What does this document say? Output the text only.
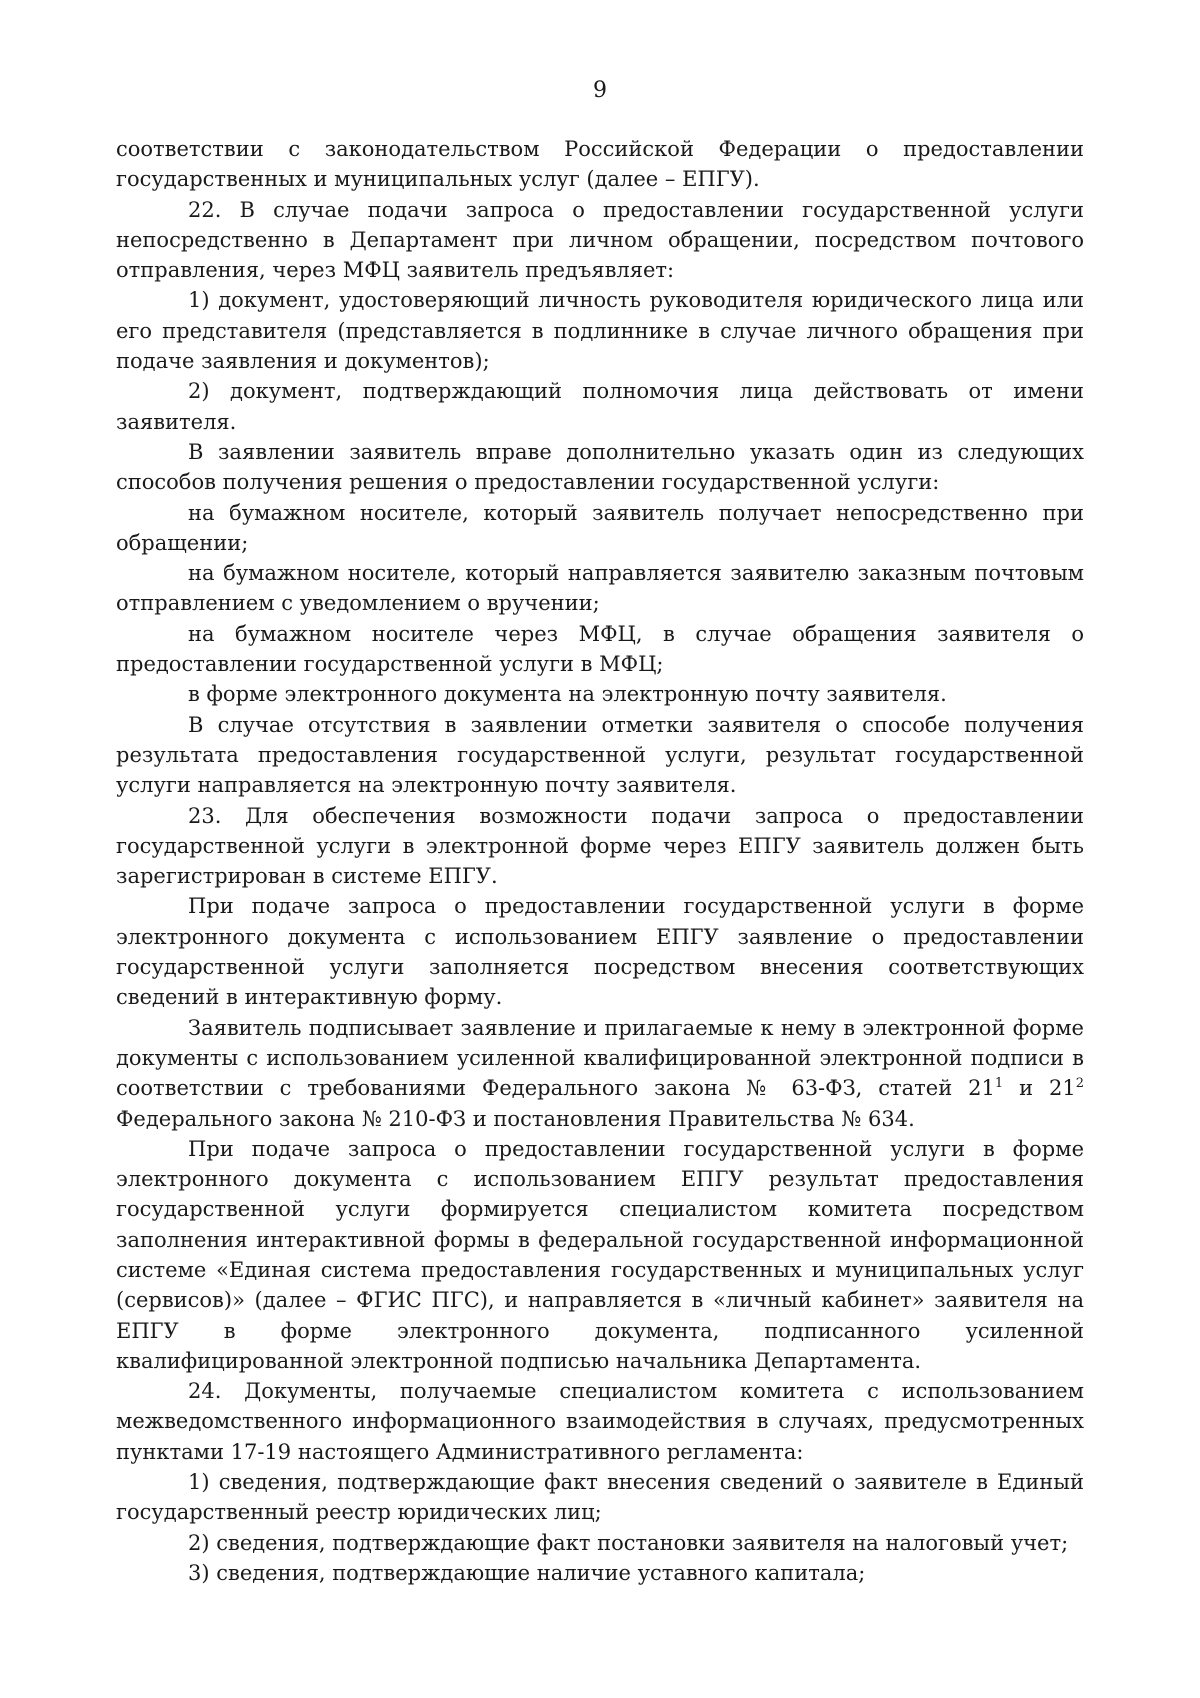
9

соответствии с законодательством Российской Федерации о предоставлении государственных и муниципальных услуг (далее – ЕПГУ).

22. В случае подачи запроса о предоставлении государственной услуги непосредственно в Департамент при личном обращении, посредством почтового отправления, через МФЦ заявитель предъявляет:

1) документ, удостоверяющий личность руководителя юридического лица или его представителя (представляется в подлиннике в случае личного обращения при подаче заявления и документов);

2) документ, подтверждающий полномочия лица действовать от имени заявителя.

В заявлении заявитель вправе дополнительно указать один из следующих способов получения решения о предоставлении государственной услуги:

на бумажном носителе, который заявитель получает непосредственно при обращении;

на бумажном носителе, который направляется заявителю заказным почтовым отправлением с уведомлением о вручении;

на бумажном носителе через МФЦ, в случае обращения заявителя о предоставлении государственной услуги в МФЦ;

в форме электронного документа на электронную почту заявителя.

В случае отсутствия в заявлении отметки заявителя о способе получения результата предоставления государственной услуги, результат государственной услуги направляется на электронную почту заявителя.

23. Для обеспечения возможности подачи запроса о предоставлении государственной услуги в электронной форме через ЕПГУ заявитель должен быть зарегистрирован в системе ЕПГУ.

При подаче запроса о предоставлении государственной услуги в форме электронного документа с использованием ЕПГУ заявление о предоставлении государственной услуги заполняется посредством внесения соответствующих сведений в интерактивную форму.

Заявитель подписывает заявление и прилагаемые к нему в электронной форме документы с использованием усиленной квалифицированной электронной подписи в соответствии с требованиями Федерального закона № 63-ФЗ, статей $21^1$ и $21^2$ Федерального закона № 210-ФЗ и постановления Правительства № 634.

При подаче запроса о предоставлении государственной услуги в форме электронного документа с использованием ЕПГУ результат предоставления государственной услуги формируется специалистом комитета посредством заполнения интерактивной формы в федеральной государственной информационной системе «Единая система предоставления государственных и муниципальных услуг (сервисов)» (далее – ФГИС ПГС), и направляется в «личный кабинет» заявителя на ЕПГУ в форме электронного документа, подписанного усиленной квалифицированной электронной подписью начальника Департамента.

24. Документы, получаемые специалистом комитета с использованием межведомственного информационного взаимодействия в случаях, предусмотренных пунктами 17-19 настоящего Административного регламента:

1) сведения, подтверждающие факт внесения сведений о заявителе в Единый государственный реестр юридических лиц;

2) сведения, подтверждающие факт постановки заявителя на налоговый учет;

3) сведения, подтверждающие наличие уставного капитала;
